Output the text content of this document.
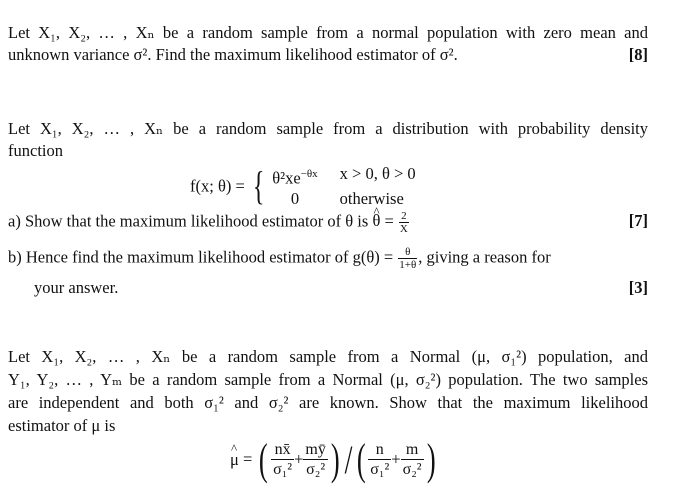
Let X₁, X₂, … , Xₙ be a random sample from a normal population with zero mean and
unknown variance σ². Find the maximum likelihood estimator of σ².	[8]
Let X₁, X₂, … , Xₙ be a random sample from a distribution with probability density
function
f(x; θ) = { $\theta^2xe^{-\theta x}$ x > 0, θ > 0
0	otherwise
a) Show that the maximum likelihood estimator of θ is ^ $\theta = \frac{2}{X}$	[7]
b) Hence find the maximum likelihood estimator of $g(\theta) = \frac{\theta}{1+\theta}$ , giving a reason for
your answer.	[3]
Let X₁, X₂, … , Xₙ be a random sample from a Normal (μ, σ₁²) population, and
Y₁, Y₂, … , Yₘ be a random sample from a Normal (μ, σ₂²) population. The two samples
are independent and both σ₁² and σ₂² are known. Show that the maximum likelihood
estimator of μ is
^ μ = ( $\frac{nx̄}{\text{σ₁²}} + \frac{mȳ}{\text{σ₂²}}$ ) / ( $\frac{n}{\text{σ₁²}} + \frac{m}{\text{σ₂²}}$ )
